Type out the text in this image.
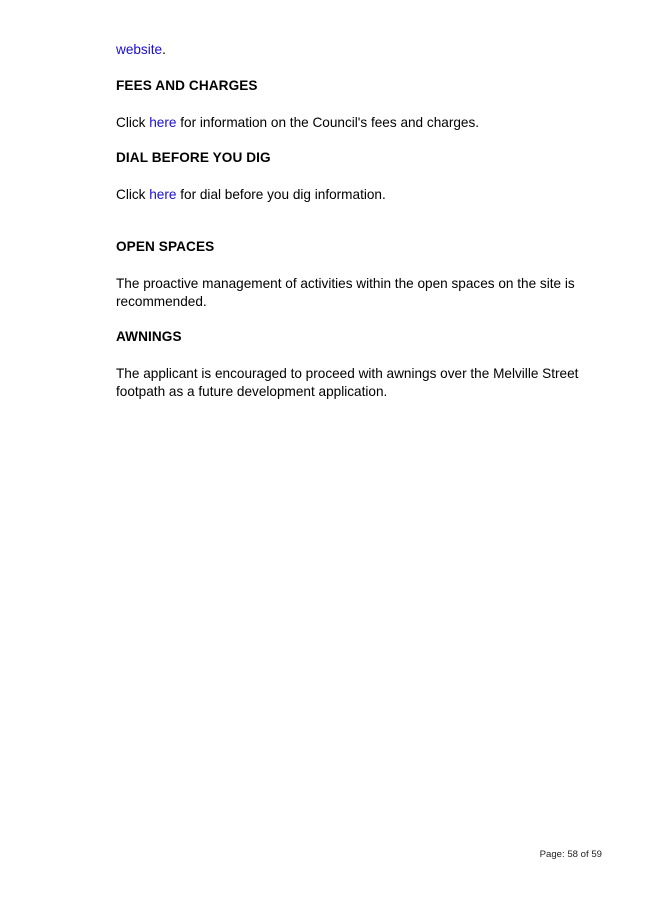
website.

FEES AND CHARGES

Click here for information on the Council's fees and charges.

DIAL BEFORE YOU DIG

Click here for dial before you dig information.

OPEN SPACES

The proactive management of activities within the open spaces on the site is recommended.

AWNINGS

The applicant is encouraged to proceed with awnings over the Melville Street footpath as a future development application.

Page: 58 of 59
